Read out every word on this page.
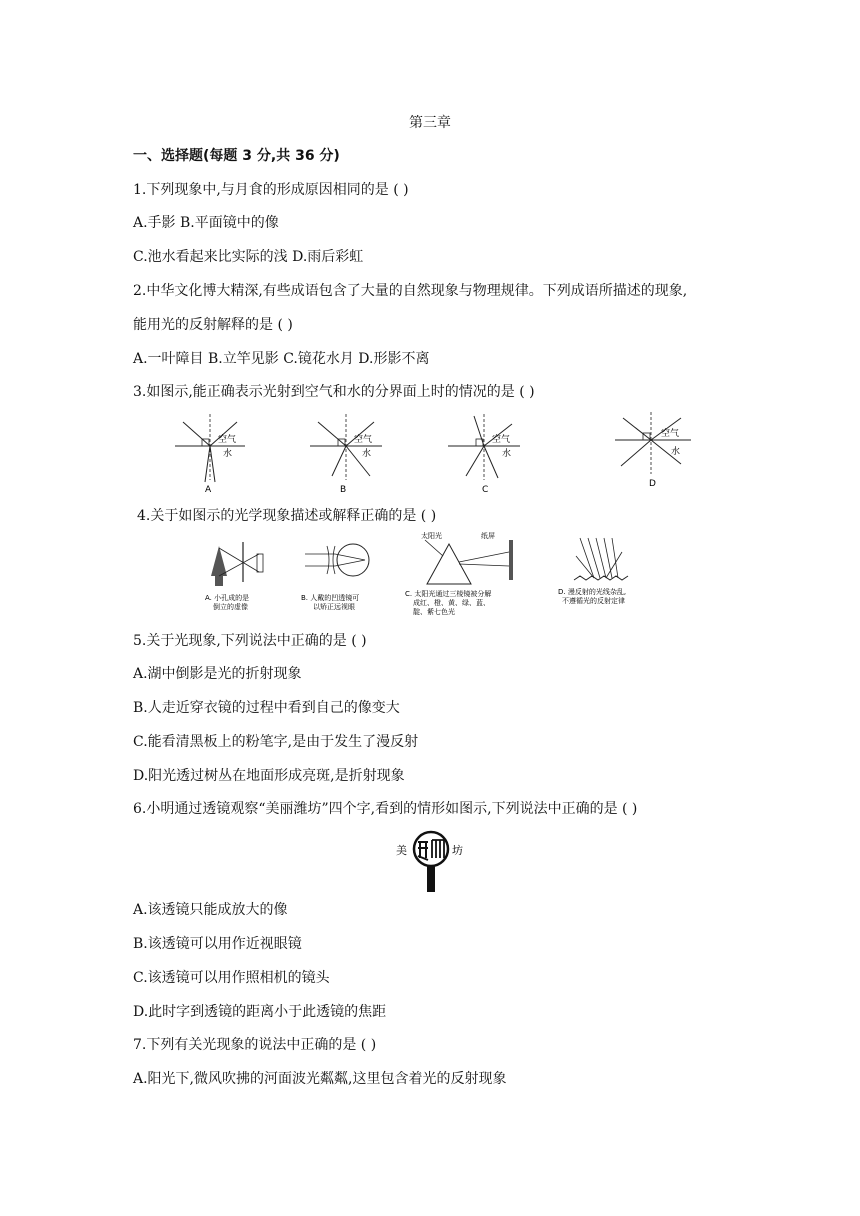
第三章
一、选择题(每题 3 分,共 36 分)
1.下列现象中,与月食的形成原因相同的是 ( )
A.手影 B.平面镜中的像
C.池水看起来比实际的浅 D.雨后彩虹
2.中华文化博大精深,有些成语包含了大量的自然现象与物理规律。下列成语所描述的现象,
能用光的反射解释的是 ( )
A.一叶障目 B.立竿见影 C.镜花水月 D.形影不离
3.如图示,能正确表示光射到空气和水的分界面上时的情况的是 ( )
空气
水
A
空气
水
B
空气
水
C
空气
水
D
4.关于如图示的光学现象描述或解释正确的是 ( )
A. 小孔成的是
倒立的虚像
B. 人戴的凹透镜可
以矫正远视眼
太阳光	纸屏
C. 太阳光通过三棱镜被分解
成红、橙、黄、绿、蓝、
靛、紫七色光
D. 漫反射的光线杂乱,
不遵循光的反射定律
5.关于光现象,下列说法中正确的是 ( )
A.湖中倒影是光的折射现象
B.人走近穿衣镜的过程中看到自己的像变大
C.能看清黑板上的粉笔字,是由于发生了漫反射
D.阳光透过树丛在地面形成亮斑,是折射现象
6.小明通过透镜观察“美丽潍坊”四个字,看到的情形如图示,下列说法中正确的是 ( )
美	坊
A.该透镜只能成放大的像
B.该透镜可以用作近视眼镜
C.该透镜可以用作照相机的镜头
D.此时字到透镜的距离小于此透镜的焦距
7.下列有关光现象的说法中正确的是 ( )
A.阳光下,微风吹拂的河面波光粼粼,这里包含着光的反射现象
